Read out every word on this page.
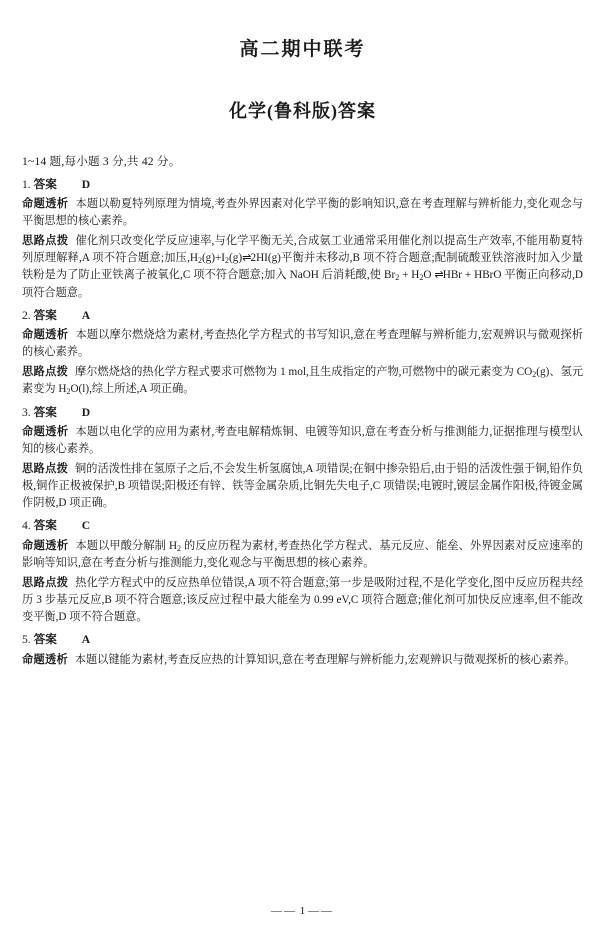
高二期中联考
化学(鲁科版)答案
1~14 题,每小题 3 分,共 42 分。
1. 答案 D
命题透析 本题以勒夏特列原理为情境,考查外界因素对化学平衡的影响知识,意在考查理解与辨析能力,变化观念与平衡思想的核心素养。
思路点拨 催化剂只改变化学反应速率,与化学平衡无关,合成氨工业通常采用催化剂以提高生产效率,不能用勒夏特列原理解释,A 项不符合题意;加压$,H_2(g)+I_2(g)\rightleftharpoons 2HI(g)$平衡并未移动,B 项不符合题意;配制硫酸亚铁溶液时加入少量铁粉是为了防止亚铁离子被氧化,C 项不符合题意;加入 NaOH 后消耗酸,使 $Br_2 + H_2O$ ⇌HBr + HBrO 平衡正向移动,D 项符合题意。
2. 答案 A
命题透析 本题以摩尔燃烧焓为素材,考查热化学方程式的书写知识,意在考查理解与辨析能力,宏观辨识与微观探析的核心素养。
思路点拨 摩尔燃烧焓的热化学方程式要求可燃物为 1 mol,且生成指定的产物,可燃物中的碳元素变为 $CO_2(g)$、氢元素变为 $H_2O(l)$,综上所述,A 项正确。
3. 答案 D
命题透析 本题以电化学的应用为素材,考查电解精炼铜、电镀等知识,意在考查分析与推测能力,证据推理与模型认知的核心素养。
思路点拨 铜的活泼性排在氢原子之后,不会发生析氢腐蚀,A 项错误;在铜中掺杂铅后,由于铅的活泼性强于铜,铅作负极,铜作正极被保护,B 项错误;阳极还有锌、铁等金属杂质,比铜先失电子,C 项错误;电镀时,镀层金属作阳极,待镀金属作阴极,D 项正确。
4. 答案 C
命题透析 本题以甲酸分解制 $H_2$ 的反应历程为素材,考查热化学方程式、基元反应、能垒、外界因素对反应速率的影响等知识,意在考查分析与推测能力,变化观念与平衡思想的核心素养。
思路点拨 热化学方程式中的反应热单位错误,A 项不符合题意;第一步是吸附过程,不是化学变化,图中反应历程共经历 3 步基元反应,B 项不符合题意;该反应过程中最大能垒为 0.99 eV,C 项符合题意;催化剂可加快反应速率,但不能改变平衡,D 项不符合题意。
5. 答案 A
命题透析 本题以键能为素材,考查反应热的计算知识,意在考查理解与辨析能力,宏观辨识与微观探析的核心素养。
—— 1 ——
